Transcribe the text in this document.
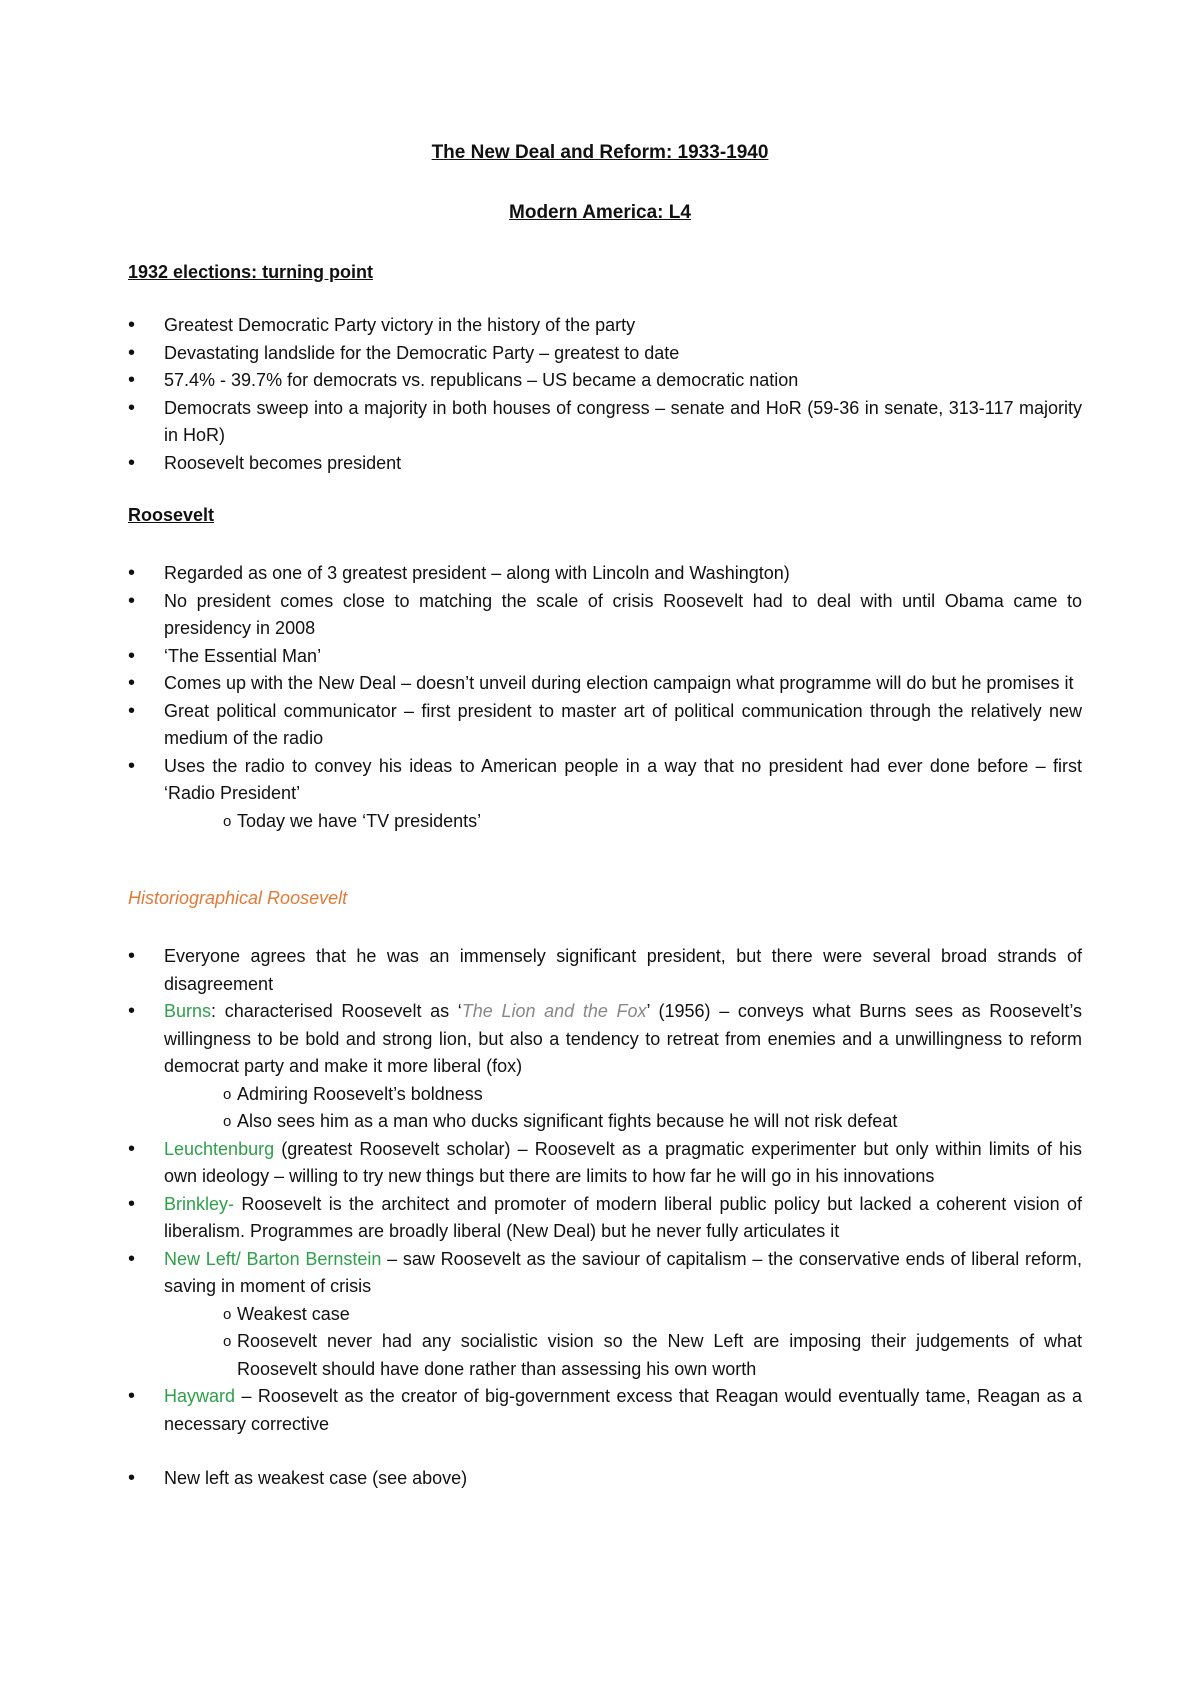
The New Deal and Reform: 1933-1940
Modern America: L4
1932 elections: turning point
• Greatest Democratic Party victory in the history of the party
• Devastating landslide for the Democratic Party – greatest to date
• 57.4% - 39.7% for democrats vs. republicans – US became a democratic nation
• Democrats sweep into a majority in both houses of congress – senate and HoR (59-36 in senate, 313-117 majority in HoR)
• Roosevelt becomes president
Roosevelt
• Regarded as one of 3 greatest president – along with Lincoln and Washington)
• No president comes close to matching the scale of crisis Roosevelt had to deal with until Obama came to presidency in 2008
• ‘The Essential Man’
• Comes up with the New Deal – doesn’t unveil during election campaign what programme will do but he promises it
• Great political communicator – first president to master art of political communication through the relatively new medium of the radio
• Uses the radio to convey his ideas to American people in a way that no president had ever done before – first ‘Radio President’
o Today we have ‘TV presidents’
Historiographical Roosevelt
• Everyone agrees that he was an immensely significant president, but there were several broad strands of disagreement
• Burns: characterised Roosevelt as ‘The Lion and the Fox’ (1956) – conveys what Burns sees as Roosevelt’s willingness to be bold and strong lion, but also a tendency to retreat from enemies and a unwillingness to reform democrat party and make it more liberal (fox)
o Admiring Roosevelt’s boldness
o Also sees him as a man who ducks significant fights because he will not risk defeat
• Leuchtenburg (greatest Roosevelt scholar) – Roosevelt as a pragmatic experimenter but only within limits of his own ideology – willing to try new things but there are limits to how far he will go in his innovations
• Brinkley- Roosevelt is the architect and promoter of modern liberal public policy but lacked a coherent vision of liberalism. Programmes are broadly liberal (New Deal) but he never fully articulates it
• New Left/ Barton Bernstein – saw Roosevelt as the saviour of capitalism – the conservative ends of liberal reform, saving in moment of crisis
o Weakest case
o Roosevelt never had any socialistic vision so the New Left are imposing their judgements of what Roosevelt should have done rather than assessing his own worth
• Hayward – Roosevelt as the creator of big-government excess that Reagan would eventually tame, Reagan as a necessary corrective
• New left as weakest case (see above)
